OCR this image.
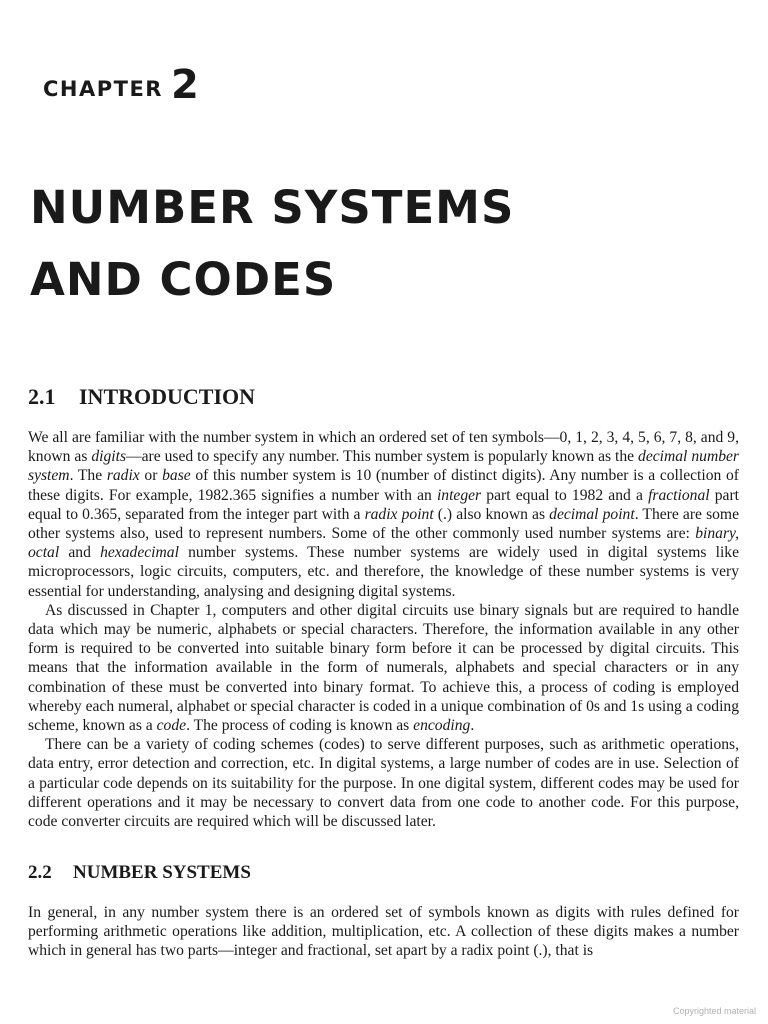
CHAPTER 2
NUMBER SYSTEMS
AND CODES
2.1 INTRODUCTION

We all are familiar with the number system in which an ordered set of ten symbols—0, 1, 2, 3, 4, 5, 6, 7, 8, and 9, known as digits—are used to specify any number. This number system is popularly known as the decimal number system. The radix or base of this number system is 10 (number of distinct digits). Any number is a collection of these digits. For example, 1982.365 signifies a number with an integer part equal to 1982 and a fractional part equal to 0.365, separated from the integer part with a radix point (.) also known as decimal point. There are some other systems also, used to represent numbers. Some of the other commonly used number systems are: binary, octal and hexadecimal number systems. These number systems are widely used in digital systems like microprocessors, logic circuits, computers, etc. and therefore, the knowledge of these number systems is very essential for understanding, analysing and designing digital systems.

As discussed in Chapter 1, computers and other digital circuits use binary signals but are required to handle data which may be numeric, alphabets or special characters. Therefore, the information available in any other form is required to be converted into suitable binary form before it can be processed by digital circuits. This means that the information available in the form of numerals, alphabets and special characters or in any combination of these must be converted into binary format. To achieve this, a process of coding is employed whereby each numeral, alphabet or special character is coded in a unique combination of 0s and 1s using a coding scheme, known as a code. The process of coding is known as encoding.

There can be a variety of coding schemes (codes) to serve different purposes, such as arithmetic operations, data entry, error detection and correction, etc. In digital systems, a large number of codes are in use. Selection of a particular code depends on its suitability for the purpose. In one digital system, different codes may be used for different operations and it may be necessary to convert data from one code to another code. For this purpose, code converter circuits are required which will be discussed later.

2.2 NUMBER SYSTEMS

In general, in any number system there is an ordered set of symbols known as digits with rules defined for performing arithmetic operations like addition, multiplication, etc. A collection of these digits makes a number which in general has two parts—integer and fractional, set apart by a radix point (.), that is

Copyrighted material
